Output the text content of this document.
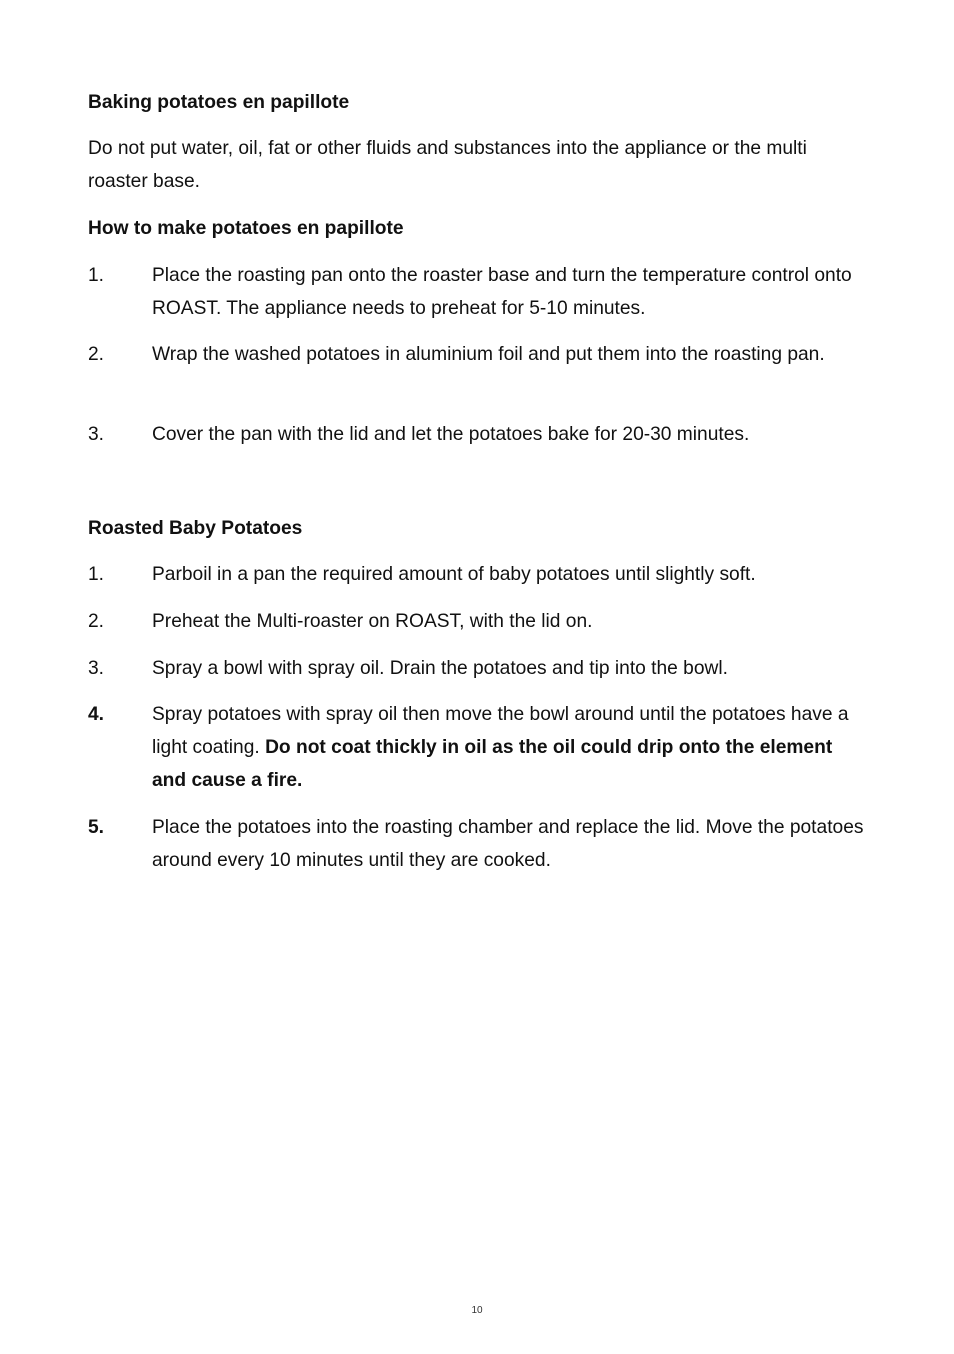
Baking potatoes en papillote
Do not put water, oil, fat or other fluids and substances into the appliance or the multi roaster base.
How to make potatoes en papillote
1.	Place the roasting pan onto the roaster base and turn the temperature control onto ROAST. The appliance needs to preheat for 5-10 minutes.
2.	Wrap the washed potatoes in aluminium foil and put them into the roasting pan.
3.	Cover the pan with the lid and let the potatoes bake for 20-30 minutes.
Roasted Baby Potatoes
1.	Parboil in a pan the required amount of baby potatoes until slightly soft.
2.	Preheat the Multi-roaster on ROAST, with the lid on.
3.	Spray a bowl with spray oil. Drain the potatoes and tip into the bowl.
4.	Spray potatoes with spray oil then move the bowl around until the potatoes have a light coating. Do not coat thickly in oil as the oil could drip onto the element and cause a fire.
5.	Place the potatoes into the roasting chamber and replace the lid. Move the potatoes around every 10 minutes until they are cooked.
10
